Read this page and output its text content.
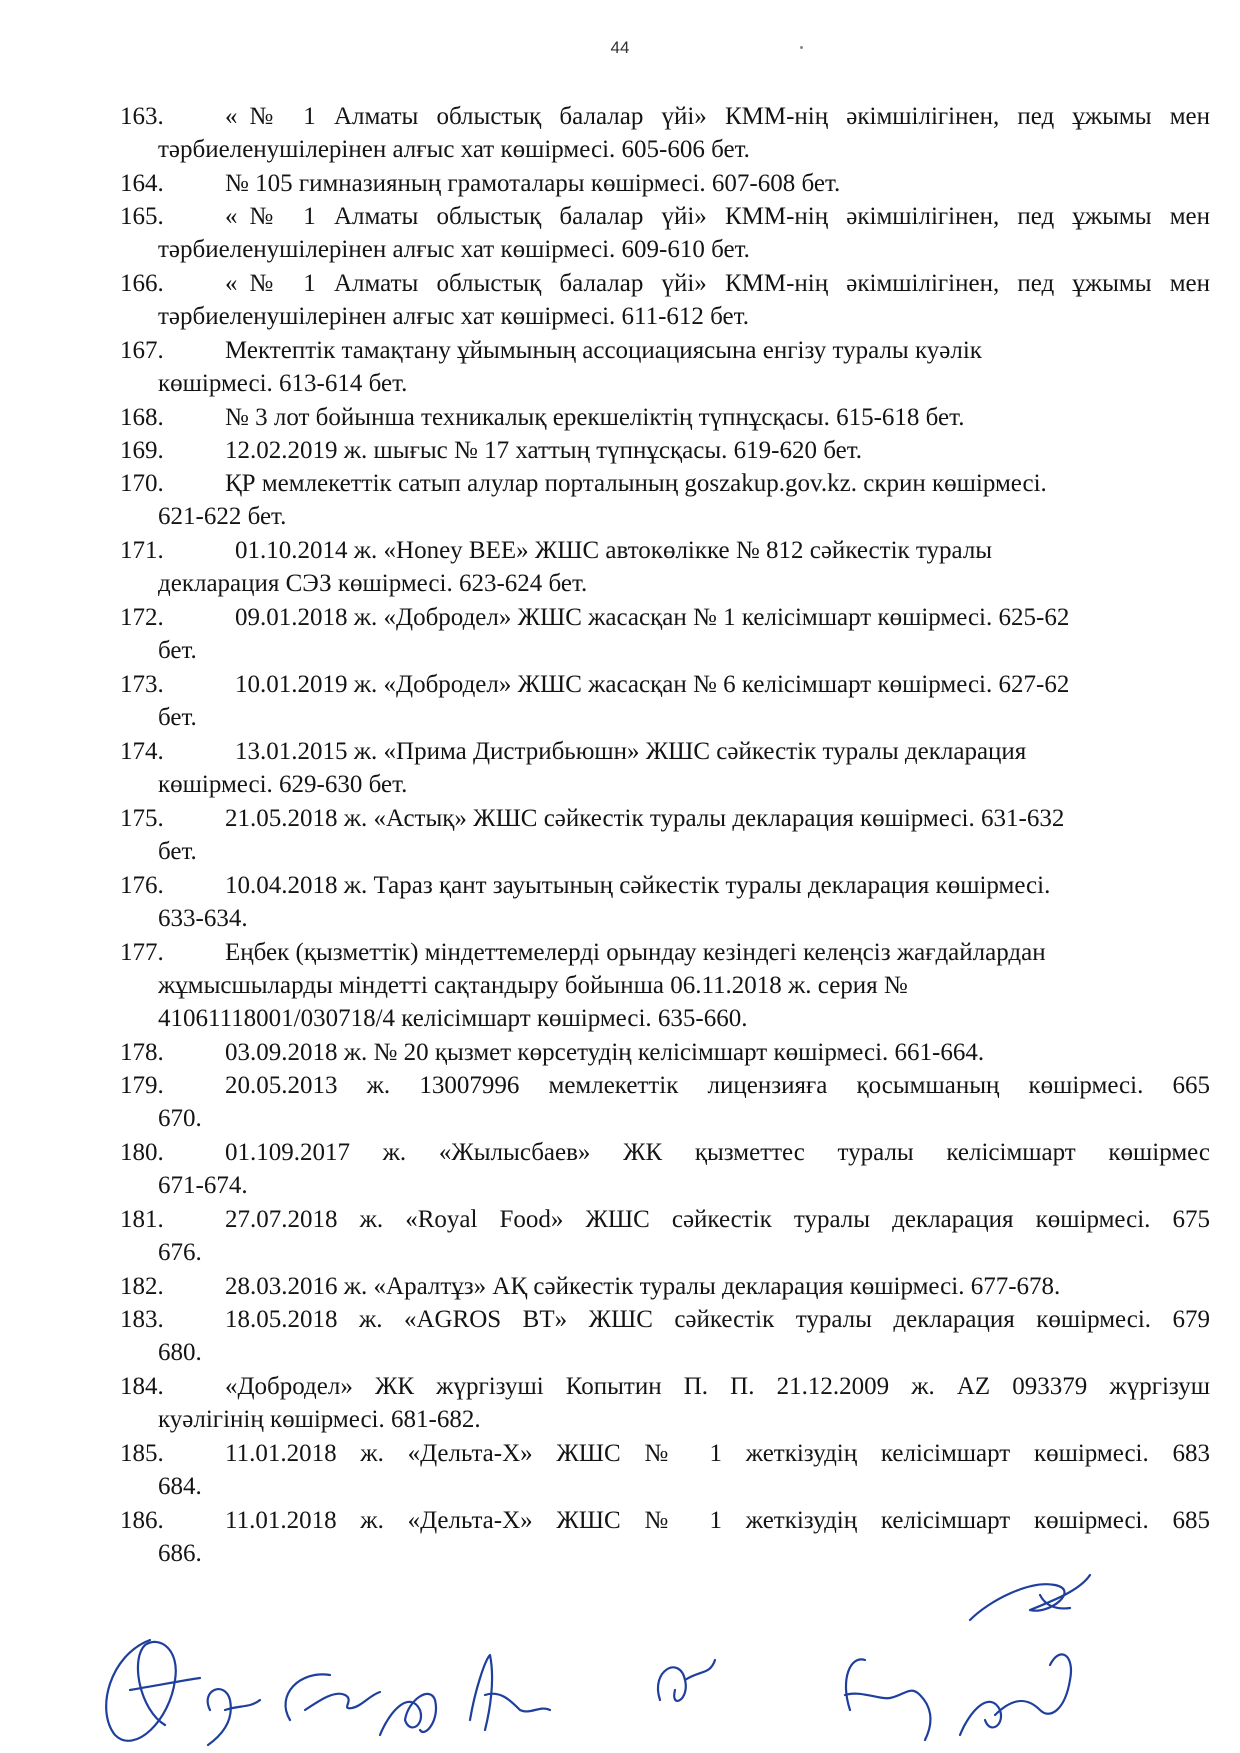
44
163. «№ 1 Алматы облыстық балалар үйі» КММ-нің әкімшілігінен, пед ұжымы мен
тәрбиеленушілерінен алғыс хат көшірмесі. 605-606 бет.
164. № 105 гимназияның грамоталары көшірмесі. 607-608 бет.
165. «№ 1 Алматы облыстық балалар үйі» КММ-нің әкімшілігінен, пед ұжымы мен
тәрбиеленушілерінен алғыс хат көшірмесі. 609-610 бет.
166. «№ 1 Алматы облыстық балалар үйі» КММ-нің әкімшілігінен, пед ұжымы мен
тәрбиеленушілерінен алғыс хат көшірмесі. 611-612 бет.
167. Мектептік тамақтану ұйымының ассоциациясына енгізу туралы куәлік
көшірмесі. 613-614 бет.
168. № 3 лот бойынша техникалық ерекшеліктің түпнұсқасы. 615-618 бет.
169. 12.02.2019 ж. шығыс № 17 хаттың түпнұсқасы. 619-620 бет.
170. ҚР мемлекеттік сатып алулар порталының goszakup.gov.kz. скрин көшірмесі.
621-622 бет.
171.	01.10.2014 ж. «Honey BEE» ЖШС автокөлікке № 812 сәйкестік туралы
декларация СЭЗ көшірмесі. 623-624 бет.
172.	09.01.2018 ж. «Добродел» ЖШС жасасқан № 1 келісімшарт көшірмесі. 625-62
бет.
173.	10.01.2019 ж. «Добродел» ЖШС жасасқан № 6 келісімшарт көшірмесі. 627-62
бет.
174.	13.01.2015 ж. «Прима Дистрибьюшн» ЖШС сәйкестік туралы декларация
көшірмесі. 629-630 бет.
175. 21.05.2018 ж. «Астық» ЖШС сәйкестік туралы декларация көшірмесі. 631-632
бет.
176. 10.04.2018 ж. Тараз қант зауытының сәйкестік туралы декларация көшірмесі.
633-634.
177. Еңбек (қызметтік) міндеттемелерді орындау кезіндегі келеңсіз жағдайлардан
жұмысшыларды міндетті сақтандыру бойынша 06.11.2018 ж. серия №
41061118001/030718/4 келісімшарт көшірмесі. 635-660.
178. 03.09.2018 ж. № 20 қызмет көрсетудің келісімшарт көшірмесі. 661-664.
179. 20.05.2013 ж. 13007996 мемлекеттік лицензияға қосымшаның көшірмесі. 665
670.
180. 01.109.2017 ж. «Жылысбаев» ЖК қызметтес туралы келісімшарт көшірмес
671-674.
181. 27.07.2018 ж. «Royal Food» ЖШС сәйкестік туралы декларация көшірмесі. 675
676.
182. 28.03.2016 ж. «Аралтұз» АҚ сәйкестік туралы декларация көшірмесі. 677-678.
183. 18.05.2018 ж. «AGROS BT» ЖШС сәйкестік туралы декларация көшірмесі. 679
680.
184. «Добродел» ЖК жүргізуші Копытин П. П. 21.12.2009 ж. AZ 093379 жүргізуш
куәлігінің көшірмесі. 681-682.
185. 11.01.2018 ж. «Дельта-Х» ЖШС № 1 жеткізудің келісімшарт көшірмесі. 683
684.
186. 11.01.2018 ж. «Дельта-Х» ЖШС № 1 жеткізудің келісімшарт көшірмесі. 685
686.
